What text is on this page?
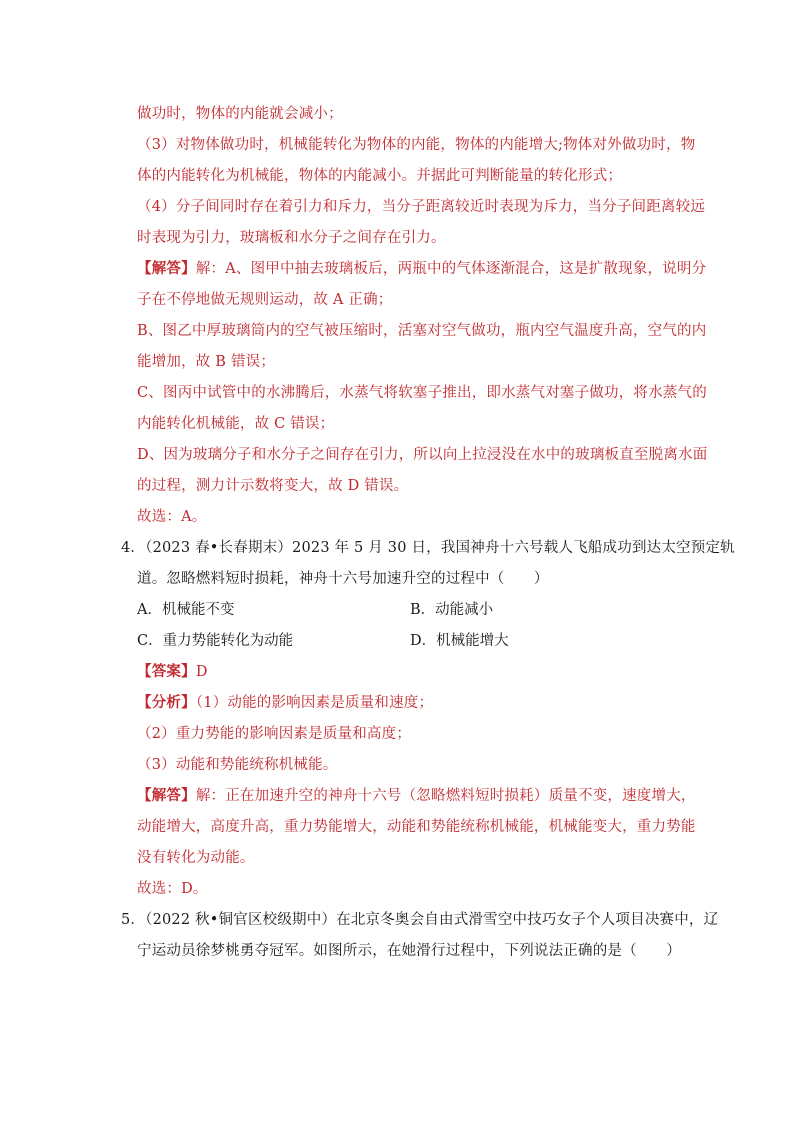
做功时，物体的内能就会减小；
（3）对物体做功时，机械能转化为物体的内能，物体的内能增大;物体对外做功时，物
体的内能转化为机械能，物体的内能减小。并据此可判断能量的转化形式；
（4）分子间同时存在着引力和斥力，当分子距离较近时表现为斥力，当分子间距离较远
时表现为引力，玻璃板和水分子之间存在引力。
【解答】解：A、图甲中抽去玻璃板后，两瓶中的气体逐渐混合，这是扩散现象，说明分
子在不停地做无规则运动，故 A 正确；
B、图乙中厚玻璃筒内的空气被压缩时，活塞对空气做功，瓶内空气温度升高，空气的内
能增加，故 B 错误；
C、图丙中试管中的水沸腾后，水蒸气将软塞子推出，即水蒸气对塞子做功，将水蒸气的
内能转化机械能，故 C 错误；
D、因为玻璃分子和水分子之间存在引力，所以向上拉浸没在水中的玻璃板直至脱离水面
的过程，测力计示数将变大，故 D 错误。
故选：A。
4．（2023 春•长春期末）2023 年 5 月 30 日，我国神舟十六号载人飞船成功到达太空预定轨
道。忽略燃料短时损耗，神舟十六号加速升空的过程中（　　）
A．机械能不变	B．动能减小
C．重力势能转化为动能	D．机械能增大
【答案】D
【分析】（1）动能的影响因素是质量和速度；
（2）重力势能的影响因素是质量和高度；
（3）动能和势能统称机械能。
【解答】解：正在加速升空的神舟十六号（忽略燃料短时损耗）质量不变，速度增大，
动能增大，高度升高，重力势能增大，动能和势能统称机械能，机械能变大，重力势能
没有转化为动能。
故选：D。
5．（2022 秋•铜官区校级期中）在北京冬奥会自由式滑雪空中技巧女子个人项目决赛中，辽
宁运动员徐梦桃勇夺冠军。如图所示，在她滑行过程中，下列说法正确的是（　　）
